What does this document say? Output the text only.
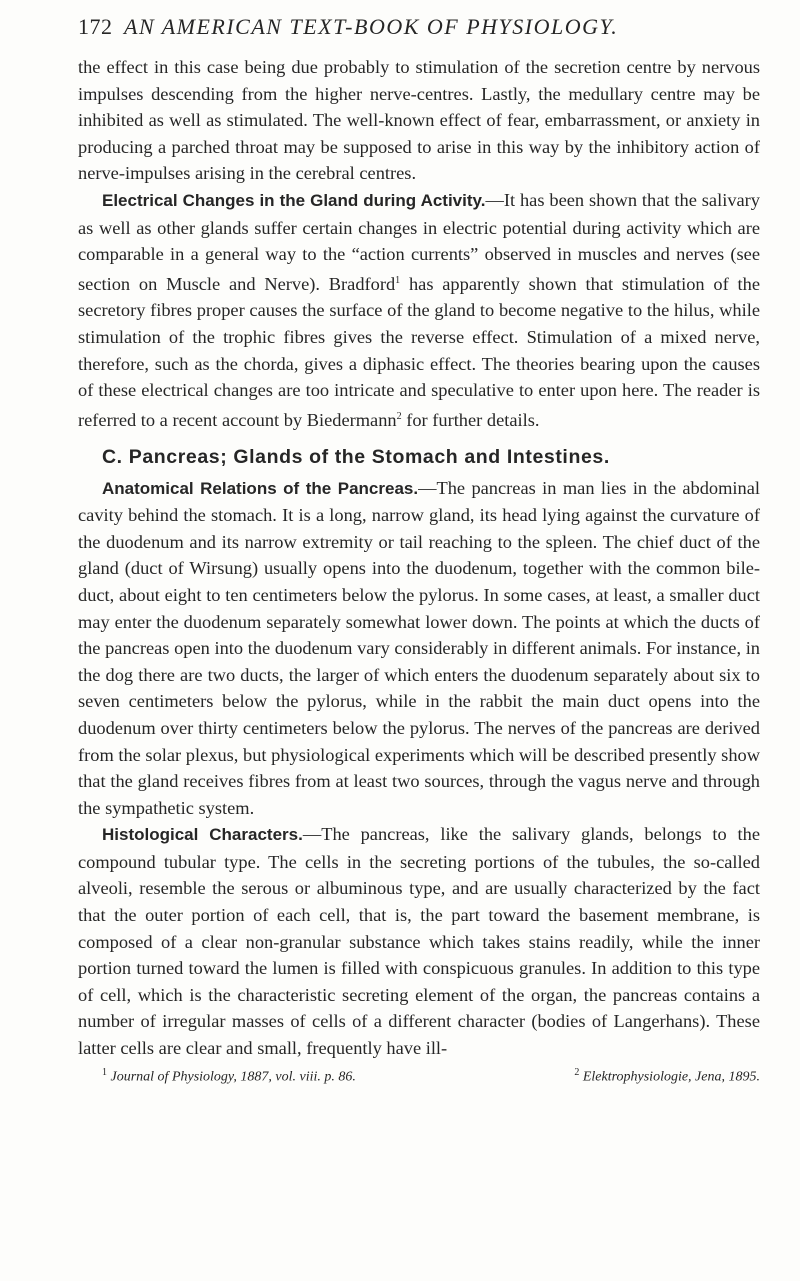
172 AN AMERICAN TEXT-BOOK OF PHYSIOLOGY.

the effect in this case being due probably to stimulation of the secretion centre by nervous impulses descending from the higher nerve-centres. Lastly, the medullary centre may be inhibited as well as stimulated. The well-known effect of fear, embarrassment, or anxiety in producing a parched throat may be supposed to arise in this way by the inhibitory action of nerve-impulses arising in the cerebral centres.

Electrical Changes in the Gland during Activity.—It has been shown that the salivary as well as other glands suffer certain changes in electric potential during activity which are comparable in a general way to the “action currents” observed in muscles and nerves (see section on Muscle and Nerve). Bradford$^1$ has apparently shown that stimulation of the secretory fibres proper causes the surface of the gland to become negative to the hilus, while stimulation of the trophic fibres gives the reverse effect. Stimulation of a mixed nerve, therefore, such as the chorda, gives a diphasic effect. The theories bearing upon the causes of these electrical changes are too intricate and speculative to enter upon here. The reader is referred to a recent account by Biedermann$^2$ for further details.

C. Pancreas; Glands of the Stomach and Intestines.

Anatomical Relations of the Pancreas.—The pancreas in man lies in the abdominal cavity behind the stomach. It is a long, narrow gland, its head lying against the curvature of the duodenum and its narrow extremity or tail reaching to the spleen. The chief duct of the gland (duct of Wirsung) usually opens into the duodenum, together with the common bile-duct, about eight to ten centimeters below the pylorus. In some cases, at least, a smaller duct may enter the duodenum separately somewhat lower down. The points at which the ducts of the pancreas open into the duodenum vary considerably in different animals. For instance, in the dog there are two ducts, the larger of which enters the duodenum separately about six to seven centimeters below the pylorus, while in the rabbit the main duct opens into the duodenum over thirty centimeters below the pylorus. The nerves of the pancreas are derived from the solar plexus, but physiological experiments which will be described presently show that the gland receives fibres from at least two sources, through the vagus nerve and through the sympathetic system.

Histological Characters.—The pancreas, like the salivary glands, belongs to the compound tubular type. The cells in the secreting portions of the tubules, the so-called alveoli, resemble the serous or albuminous type, and are usually characterized by the fact that the outer portion of each cell, that is, the part toward the basement membrane, is composed of a clear non-granular substance which takes stains readily, while the inner portion turned toward the lumen is filled with conspicuous granules. In addition to this type of cell, which is the characteristic secreting element of the organ, the pancreas contains a number of irregular masses of cells of a different character (bodies of Langerhans). These latter cells are clear and small, frequently have ill-

$^1$ Journal of Physiology, 1887, vol. viii. p. 86.	$^2$ Elektrophysiologie, Jena, 1895.
